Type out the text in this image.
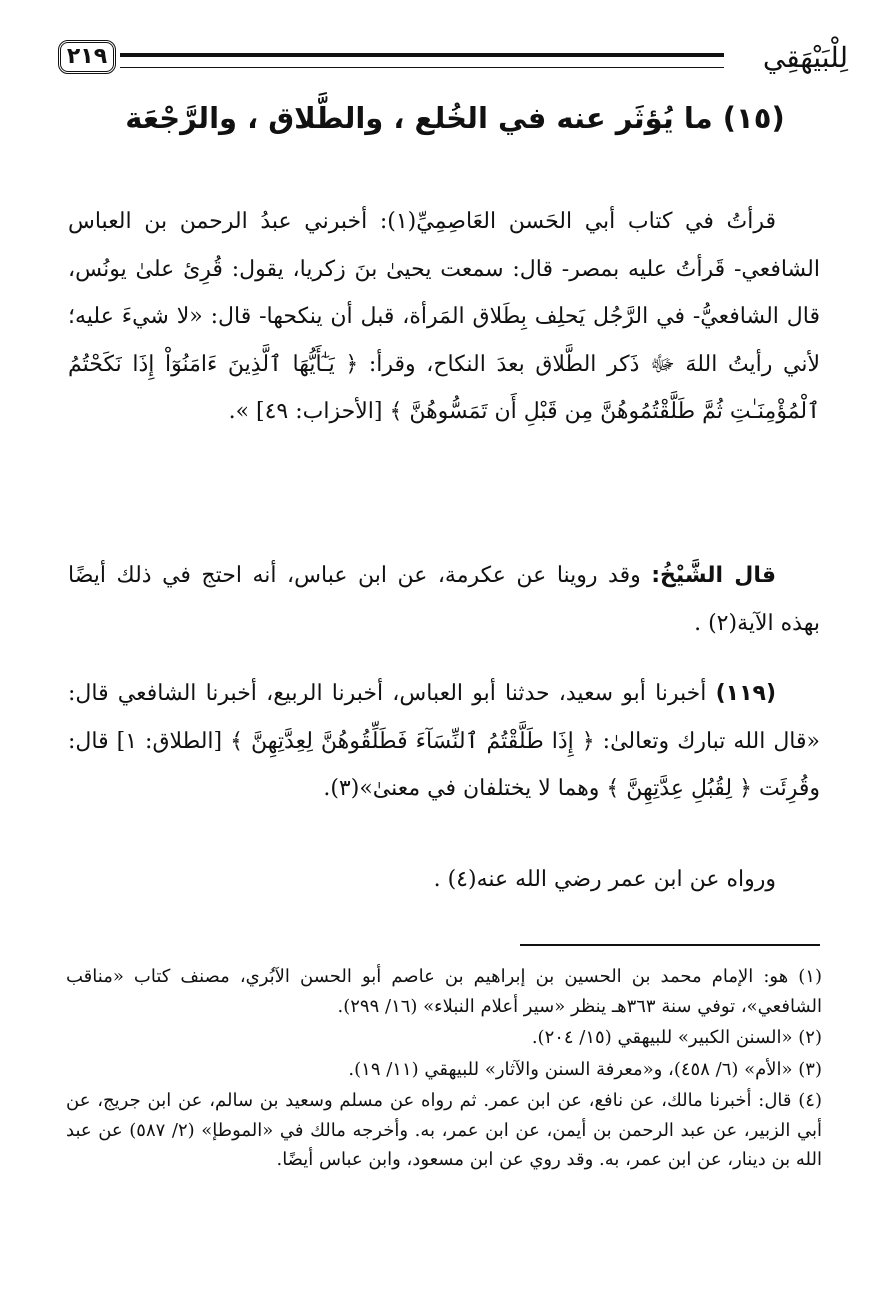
لِلْبَيْهَقِي
٢١٩
(١٥) ما يُؤثَر عنه في الخُلع ، والطَّلاق ، والرَّجْعَة
قرأتُ في كتاب أبي الحَسن العَاصِمِيِّ(١): أخبرني عبدُ الرحمن بن العباس الشافعي- قَرأتُ عليه بمصر- قال: سمعت يحيىٰ بنَ زكريا، يقول: قُرِئ علىٰ يونُس، قال الشافعيُّ- في الرَّجُل يَحلِف بِطَلاق المَرأة، قبل أن ينكحها- قال: «لا شيءَ عليه؛ لأني رأيتُ اللهَ ﷻ ذَكر الطَّلاق بعدَ النكاح، وقرأ: ﴿ يَـٰٓأَيُّهَا ٱلَّذِينَ ءَامَنُوٓاْ إِذَا نَكَحْتُمُ ٱلْمُؤْمِنَـٰتِ ثُمَّ طَلَّقْتُمُوهُنَّ مِن قَبْلِ أَن تَمَسُّوهُنَّ ﴾ [الأحزاب: ٤٩] ».
قال الشَّيْخُ: وقد روينا عن عكرمة، عن ابن عباس، أنه احتج في ذلك أيضًا بهذه الآية(٢) .
(١١٩) أخبرنا أبو سعيد، حدثنا أبو العباس، أخبرنا الربيع، أخبرنا الشافعي قال: «قال الله تبارك وتعالىٰ: ﴿ إِذَا طَلَّقْتُمُ ٱلنِّسَآءَ فَطَلِّقُوهُنَّ لِعِدَّتِهِنَّ ﴾ [الطلاق: ١] قال: وقُرِئَت ﴿ لِقُبُلِ عِدَّتِهِنَّ ﴾ وهما لا يختلفان في معنىٰ»(٣).
ورواه عن ابن عمر رضي الله عنه(٤) .

(١) هو: الإمام محمد بن الحسين بن إبراهيم بن عاصم أبو الحسن الآبُري، مصنف كتاب «مناقب الشافعي»، توفي سنة ٣٦٣هـ ينظر «سير أعلام النبلاء» (١٦/ ٢٩٩).

(٢) «السنن الكبير» للبيهقي (١٥/ ٢٠٤).

(٣) «الأم» (٦/ ٤٥٨)، و«معرفة السنن والآثار» للبيهقي (١١/ ١٩).

(٤) قال: أخبرنا مالك، عن نافع، عن ابن عمر. ثم رواه عن مسلم وسعيد بن سالم، عن ابن جريج، عن أبي الزبير، عن عبد الرحمن بن أيمن، عن ابن عمر، به. وأخرجه مالك في «الموطإ» (٢/ ٥٨٧) عن عبد الله بن دينار، عن ابن عمر، به. وقد روي عن ابن مسعود، وابن عباس أيضًا.
